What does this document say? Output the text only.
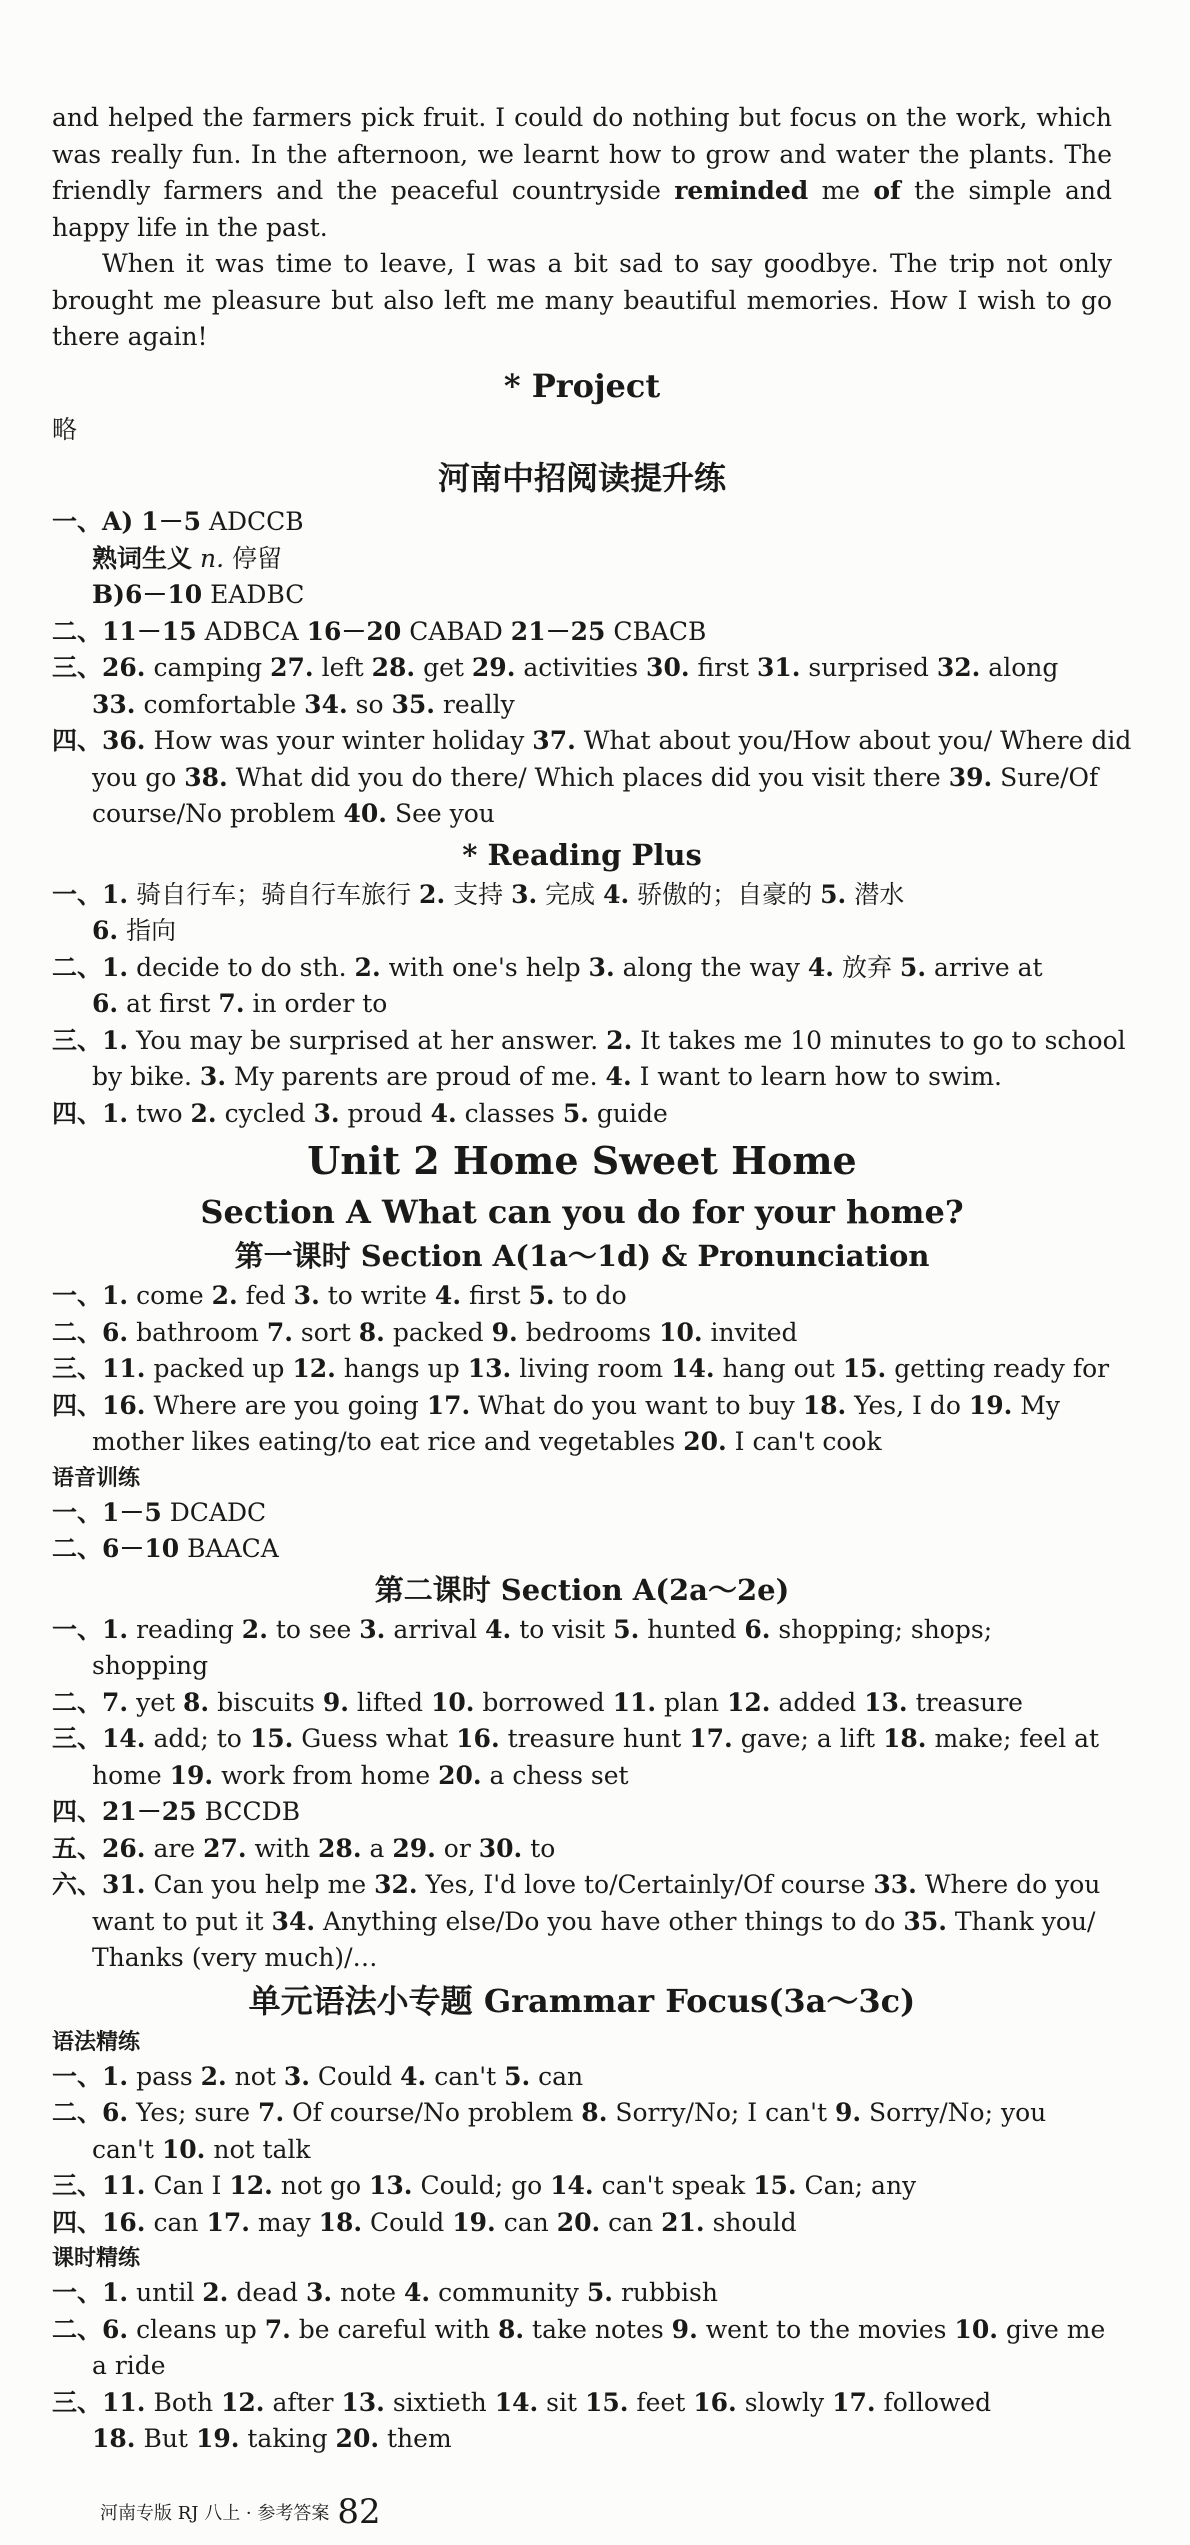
and helped the farmers pick fruit. I could do nothing but focus on the work, which was really fun. In the afternoon, we learnt how to grow and water the plants. The friendly farmers and the peaceful countryside reminded me of the simple and happy life in the past.

When it was time to leave, I was a bit sad to say goodbye. The trip not only brought me pleasure but also left me many beautiful memories. How I wish to go there again!

* Project

略

河南中招阅读提升练

一、A) 1－5 ADCCB

熟词生义 n. 停留

B)6－10 EADBC

二、11－15 ADBCA 16－20 CABAD 21－25 CBACB

三、26. camping 27. left 28. get 29. activities 30. first 31. surprised 32. along

33. comfortable 34. so 35. really

四、36. How was your winter holiday 37. What about you/How about you/ Where did

you go 38. What did you do there/ Which places did you visit there 39. Sure/Of

course/No problem 40. See you

* Reading Plus

一、1. 骑自行车；骑自行车旅行 2. 支持 3. 完成 4. 骄傲的；自豪的 5. 潜水

6. 指向

二、1. decide to do sth. 2. with one's help 3. along the way 4. 放弃 5. arrive at

6. at first 7. in order to

三、1. You may be surprised at her answer. 2. It takes me 10 minutes to go to school

by bike. 3. My parents are proud of me. 4. I want to learn how to swim.

四、1. two 2. cycled 3. proud 4. classes 5. guide

Unit 2 Home Sweet Home

Section A What can you do for your home?

第一课时 Section A(1a～1d) & Pronunciation

一、1. come 2. fed 3. to write 4. first 5. to do

二、6. bathroom 7. sort 8. packed 9. bedrooms 10. invited

三、11. packed up 12. hangs up 13. living room 14. hang out 15. getting ready for

四、16. Where are you going 17. What do you want to buy 18. Yes, I do 19. My

mother likes eating/to eat rice and vegetables 20. I can't cook

语音训练

一、1－5 DCADC

二、6－10 BAACA

第二课时 Section A(2a～2e)

一、1. reading 2. to see 3. arrival 4. to visit 5. hunted 6. shopping; shops;

shopping

二、7. yet 8. biscuits 9. lifted 10. borrowed 11. plan 12. added 13. treasure

三、14. add; to 15. Guess what 16. treasure hunt 17. gave; a lift 18. make; feel at

home 19. work from home 20. a chess set

四、21－25 BCCDB

五、26. are 27. with 28. a 29. or 30. to

六、31. Can you help me 32. Yes, I'd love to/Certainly/Of course 33. Where do you

want to put it 34. Anything else/Do you have other things to do 35. Thank you/

Thanks (very much)/…

单元语法小专题 Grammar Focus(3a～3c)

语法精练

一、1. pass 2. not 3. Could 4. can't 5. can

二、6. Yes; sure 7. Of course/No problem 8. Sorry/No; I can't 9. Sorry/No; you

can't 10. not talk

三、11. Can I 12. not go 13. Could; go 14. can't speak 15. Can; any

四、16. can 17. may 18. Could 19. can 20. can 21. should

课时精练

一、1. until 2. dead 3. note 4. community 5. rubbish

二、6. cleans up 7. be careful with 8. take notes 9. went to the movies 10. give me

a ride

三、11. Both 12. after 13. sixtieth 14. sit 15. feet 16. slowly 17. followed

18. But 19. taking 20. them

河南专版 RJ 八上 · 参考答案 82
